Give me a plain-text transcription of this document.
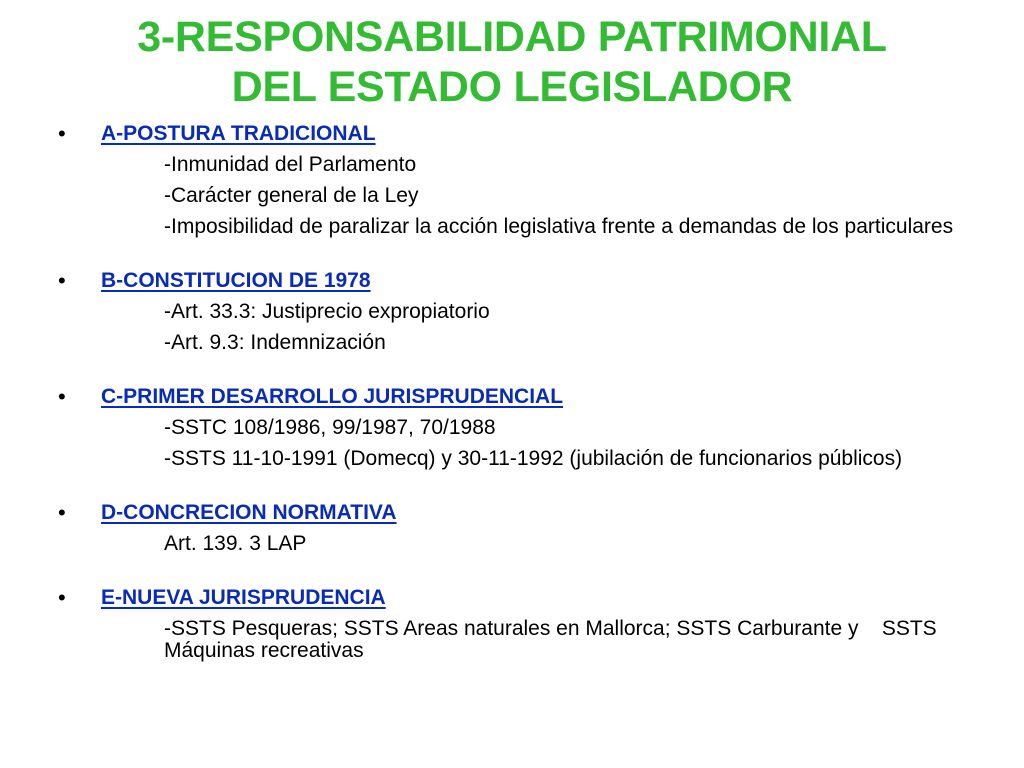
3-RESPONSABILIDAD PATRIMONIAL
DEL ESTADO LEGISLADOR
• A-POSTURA TRADICIONAL
-Inmunidad del Parlamento
-Carácter general de la Ley
-Imposibilidad de paralizar la acción legislativa frente a demandas de los particulares
• B-CONSTITUCION DE 1978
-Art. 33.3: Justiprecio expropiatorio
-Art. 9.3: Indemnización
• C-PRIMER DESARROLLO JURISPRUDENCIAL
-SSTC 108/1986, 99/1987, 70/1988
-SSTS 11-10-1991 (Domecq) y 30-11-1992 (jubilación de funcionarios públicos)
• D-CONCRECION NORMATIVA
Art. 139. 3 LAP
• E-NUEVA JURISPRUDENCIA
-SSTS Pesqueras; SSTS Areas naturales en Mallorca; SSTS Carburante y    SSTS Máquinas recreativas
